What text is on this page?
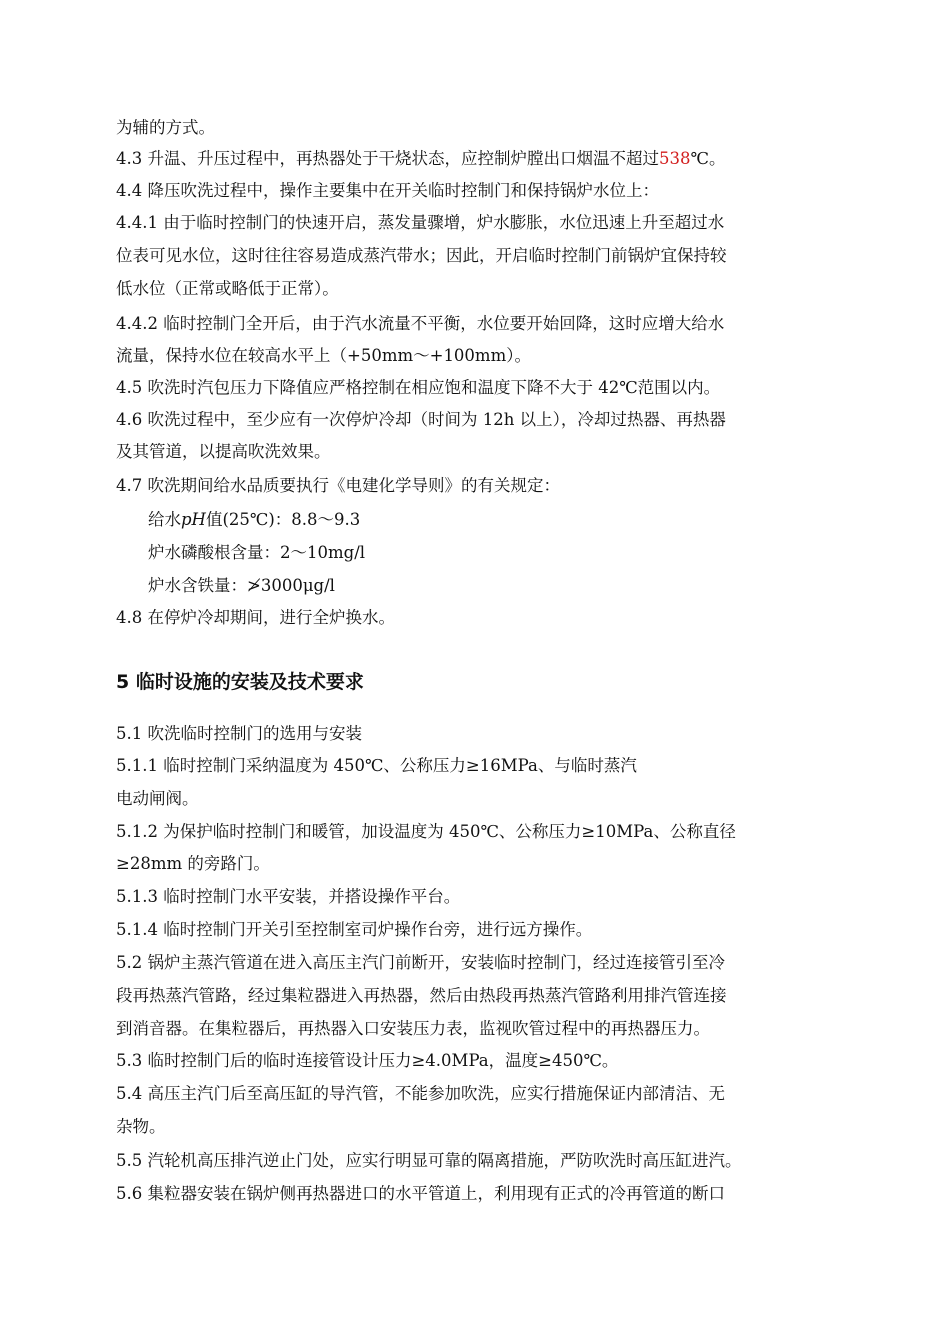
为辅的方式。
4.3 升温、升压过程中，再热器处于干烧状态，应控制炉膛出口烟温不超过538℃。
4.4 降压吹洗过程中，操作主要集中在开关临时控制门和保持锅炉水位上：
4.4.1 由于临时控制门的快速开启，蒸发量骤增，炉水膨胀，水位迅速上升至超过水
位表可见水位，这时往往容易造成蒸汽带水；因此，开启临时控制门前锅炉宜保持较
低水位（正常或略低于正常）。
4.4.2 临时控制门全开后，由于汽水流量不平衡，水位要开始回降，这时应增大给水
流量，保持水位在较高水平上（+50mm～+100mm）。
4.5 吹洗时汽包压力下降值应严格控制在相应饱和温度下降不大于 42℃范围以内。
4.6 吹洗过程中，至少应有一次停炉冷却（时间为 12h 以上），冷却过热器、再热器
及其管道，以提高吹洗效果。
4.7 吹洗期间给水品质要执行《电建化学导则》的有关规定：
给水pH值(25℃)：8.8～9.3
炉水磷酸根含量：2～10mg/l
炉水含铁量：≯3000μg/l
4.8 在停炉冷却期间，进行全炉换水。
5 临时设施的安装及技术要求
5.1 吹洗临时控制门的选用与安装
5.1.1 临时控制门采纳温度为 450℃、公称压力≥16MPa、与临时蒸汽
电动闸阀。
5.1.2 为保护临时控制门和暖管，加设温度为 450℃、公称压力≥10MPa、公称直径
≥28mm 的旁路门。
5.1.3 临时控制门水平安装，并搭设操作平台。
5.1.4 临时控制门开关引至控制室司炉操作台旁，进行远方操作。
5.2 锅炉主蒸汽管道在进入高压主汽门前断开，安装临时控制门，经过连接管引至冷
段再热蒸汽管路，经过集粒器进入再热器，然后由热段再热蒸汽管路利用排汽管连接
到消音器。在集粒器后，再热器入口安装压力表，监视吹管过程中的再热器压力。
5.3 临时控制门后的临时连接管设计压力≥4.0MPa，温度≥450℃。
5.4 高压主汽门后至高压缸的导汽管，不能参加吹洗，应实行措施保证内部清洁、无
杂物。
5.5 汽轮机高压排汽逆止门处，应实行明显可靠的隔离措施，严防吹洗时高压缸进汽。
5.6 集粒器安装在锅炉侧再热器进口的水平管道上，利用现有正式的冷再管道的断口
